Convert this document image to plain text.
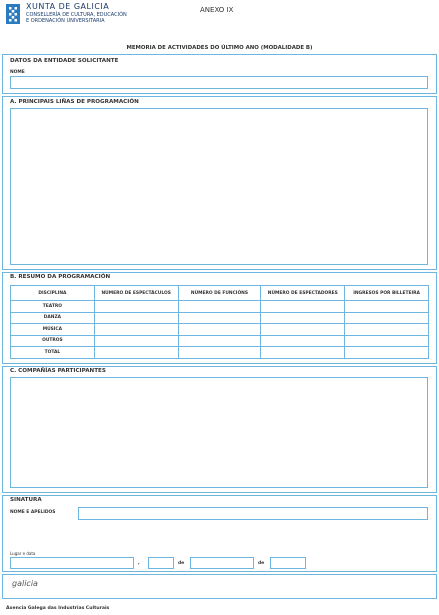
XUNTA DE GALICIA
CONSELLERÍA DE CULTURA, EDUCACIÓN
E ORDENACIÓN UNIVERSITARIA
ANEXO IX
MEMORIA DE ACTIVIDADES DO ÚLTIMO ANO (MODALIDADE B)
DATOS DA ENTIDADE SOLICITANTE
NOME
A. PRINCIPAIS LIÑAS DE PROGRAMACIÓN
B. RESUMO DA PROGRAMACIÓN
DISCIPLINA	NÚMERO DE ESPECTÁCULOS	NÚMERO DE FUNCIÓNS	NÚMERO DE ESPECTADORES	INGRESOS POR BILLETEIRA
TEATRO				
DANZA				
MÚSICA				
OUTROS				
TOTAL				
C. COMPAÑÍAS PARTICIPANTES
SINATURA
NOME E APELIDOS
Lugar e data
,	de	de
galicia
Axencia Galega das Industrias Culturais
